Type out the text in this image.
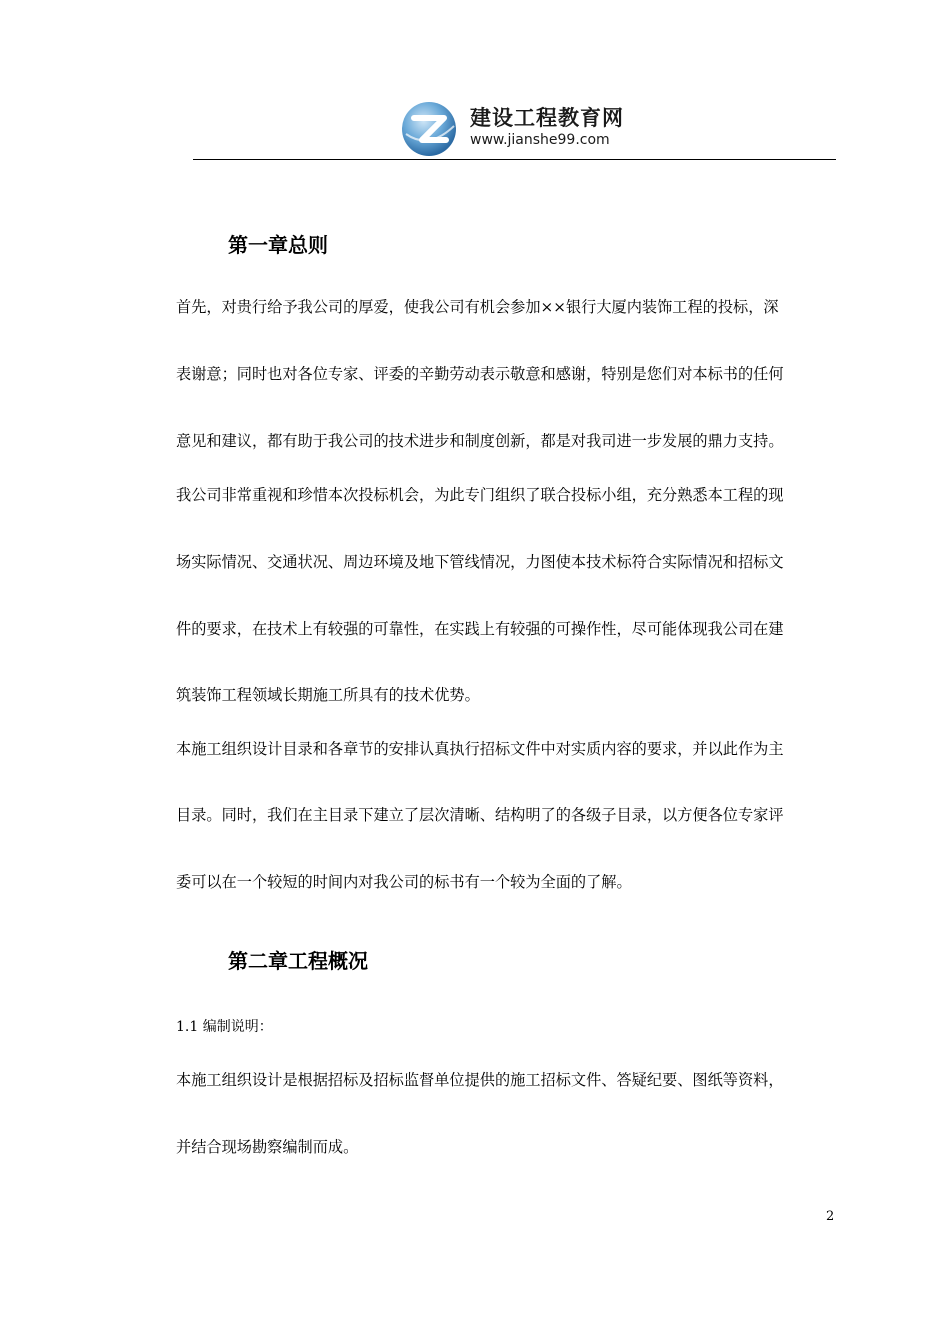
建设工程教育网
www.jianshe99.com
第一章总则
首先，对贵行给予我公司的厚爱，使我公司有机会参加××银行大厦内装饰工程的投标，深
表谢意；同时也对各位专家、评委的辛勤劳动表示敬意和感谢，特别是您们对本标书的任何
意见和建议，都有助于我公司的技术进步和制度创新，都是对我司进一步发展的鼎力支持。
我公司非常重视和珍惜本次投标机会，为此专门组织了联合投标小组，充分熟悉本工程的现
场实际情况、交通状况、周边环境及地下管线情况，力图使本技术标符合实际情况和招标文
件的要求，在技术上有较强的可靠性，在实践上有较强的可操作性，尽可能体现我公司在建
筑装饰工程领域长期施工所具有的技术优势。
本施工组织设计目录和各章节的安排认真执行招标文件中对实质内容的要求，并以此作为主
目录。同时，我们在主目录下建立了层次清晰、结构明了的各级子目录，以方便各位专家评
委可以在一个较短的时间内对我公司的标书有一个较为全面的了解。
第二章工程概况
1.1 编制说明：
本施工组织设计是根据招标及招标监督单位提供的施工招标文件、答疑纪要、图纸等资料，
并结合现场勘察编制而成。
2
